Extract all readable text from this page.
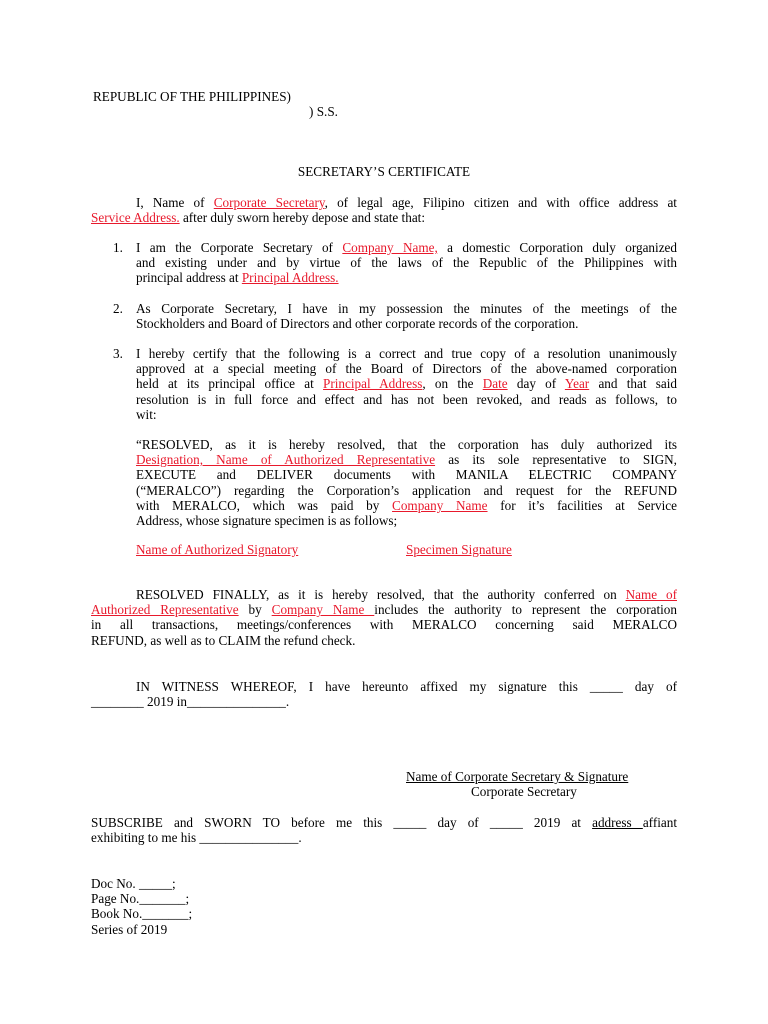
REPUBLIC OF THE PHILIPPINES)

) S.S.

SECRETARY’S CERTIFICATE

I, Name of Corporate Secretary, of legal age, Filipino citizen and with office address at

Service Address. after duly sworn hereby depose and state that:

1. I am the Corporate Secretary of Company Name, a domestic Corporation duly organized
and existing under and by virtue of the laws of the Republic of the Philippines with
principal address at Principal Address.
2. As Corporate Secretary, I have in my possession the minutes of the meetings of the
Stockholders and Board of Directors and other corporate records of the corporation.
3. I hereby certify that the following is a correct and true copy of a resolution unanimously
approved at a special meeting of the Board of Directors of the above-named corporation
held at its principal office at Principal Address, on the Date day of Year and that said
resolution is in full force and effect and has not been revoked, and reads as follows, to
wit:
“RESOLVED, as it is hereby resolved, that the corporation has duly authorized its
Designation, Name of Authorized Representative as its sole representative to SIGN,
EXECUTE and DELIVER documents with MANILA ELECTRIC COMPANY
(“MERALCO”) regarding the Corporation’s application and request for the REFUND
with MERALCO, which was paid by Company Name for it’s facilities at Service
Address, whose signature specimen is as follows;

Name of Authorized Signatory	Specimen Signature

RESOLVED FINALLY, as it is hereby resolved, that the authority conferred on Name of
Authorized Representative by Company Name includes the authority to represent the corporation
in all transactions, meetings/conferences with MERALCO concerning said MERALCO
REFUND, as well as to CLAIM the refund check.
IN WITNESS WHEREOF, I have hereunto affixed my signature this _____ day of
________ 2019 in_______________.

Name of Corporate Secretary & Signature

Corporate Secretary

SUBSCRIBE and SWORN TO before me this _____ day of _____ 2019 at address affiant
exhibiting to me his _______________.
Doc No. _____;
Page No._______;
Book No._______;
Series of 2019
